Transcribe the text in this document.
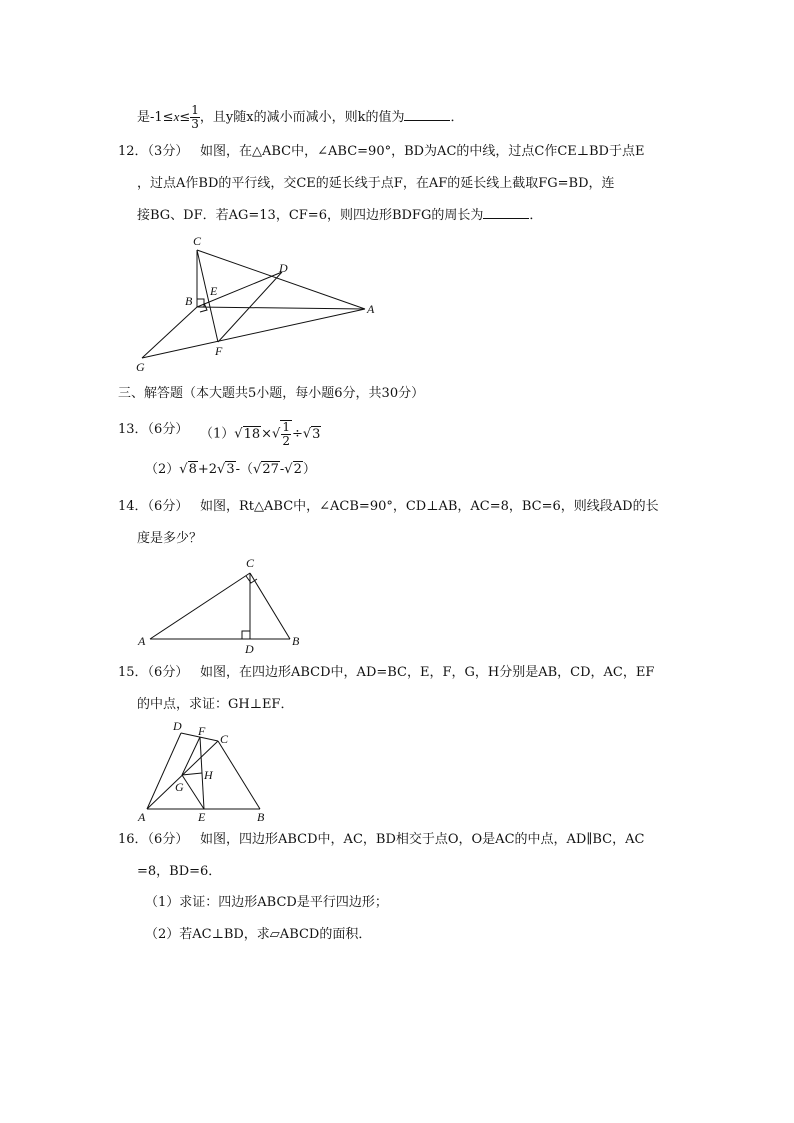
是$-1\le x\le \frac{1}{3}$ ，且y随x的减小而减小，则k的值为	．
12．（3分） 如图，在△ABC中，∠ABC=90°，BD为AC的中线，过点C作CE⊥BD于点E
，过点A作BD的平行线，交CE的延长线于点F，在AF的延长线上截取FG=BD，连
接BG、DF．若AG=13，CF=6，则四边形BDFG的周长为	．
C
D
E
B
A
F
G
三、解答题（本大题共5小题，每小题6分，共30分）
13．（6分） $(1)√18\times√ \frac{1}{2} \div√3$
（2）√8+2√3-（√27-√2）
14．（6分） 如图，Rt△ABC中，∠ACB=90°，CD⊥AB，AC=8，BC=6，则线段AD的长
度是多少？
C
A	B
D
15．（6分） 如图，在四边形ABCD中，AD=BC，E，F，G，H分别是AB，CD，AC，EF
的中点，求证：GH⊥EF．
D F
C
H
G
A	E	B
16．（6分） 如图，四边形ABCD中，AC，BD相交于点O，O是AC的中点，AD∥BC，AC
=8，BD=6．
（1）求证：四边形ABCD是平行四边形；
（2）若AC⊥BD，求▱ABCD的面积．
